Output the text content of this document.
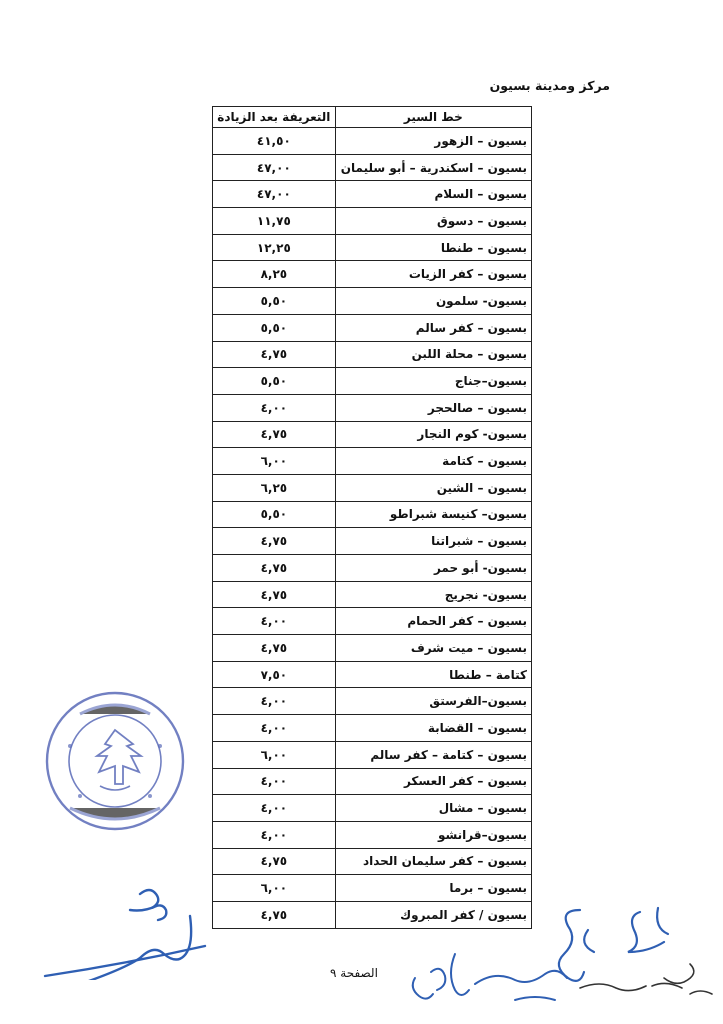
مركز ومدينة بسيون
خط السير	التعريفة بعد الزيادة
بسيون – الزهور	٤١,٥٠
بسيون – اسكندرية – أبو سليمان	٤٧,٠٠
بسيون – السلام	٤٧,٠٠
بسيون – دسوق	١١,٧٥
بسيون – طنطا	١٢,٢٥
بسيون – كفر الزيات	٨,٢٥
بسيون- سلمون	٥,٥٠
بسيون – كفر سالم	٥,٥٠
بسيون – محلة اللبن	٤,٧٥
بسيون–جناج	٥,٥٠
بسيون – صالحجر	٤,٠٠
بسيون- كوم النجار	٤,٧٥
بسيون – كتامة	٦,٠٠
بسيون – الشين	٦,٢٥
بسيون– كنيسة شبراطو	٥,٥٠
بسيون – شبراتنا	٤,٧٥
بسيون- أبو حمر	٤,٧٥
بسيون- نجريج	٤,٧٥
بسيون – كفر الحمام	٤,٠٠
بسيون – ميت شرف	٤,٧٥
كتامة – طنطا	٧,٥٠
بسيون–الفرستق	٤,٠٠
بسيون – القضابة	٤,٠٠
بسيون – كتامة – كفر سالم	٦,٠٠
بسيون – كفر العسكر	٤,٠٠
بسيون – مشال	٤,٠٠
بسيون–قرانشو	٤,٠٠
بسيون – كفر سليمان الحداد	٤,٧٥
بسيون – برما	٦,٠٠
بسيون / كفر المبروك	٤,٧٥
الصفحة ٩
